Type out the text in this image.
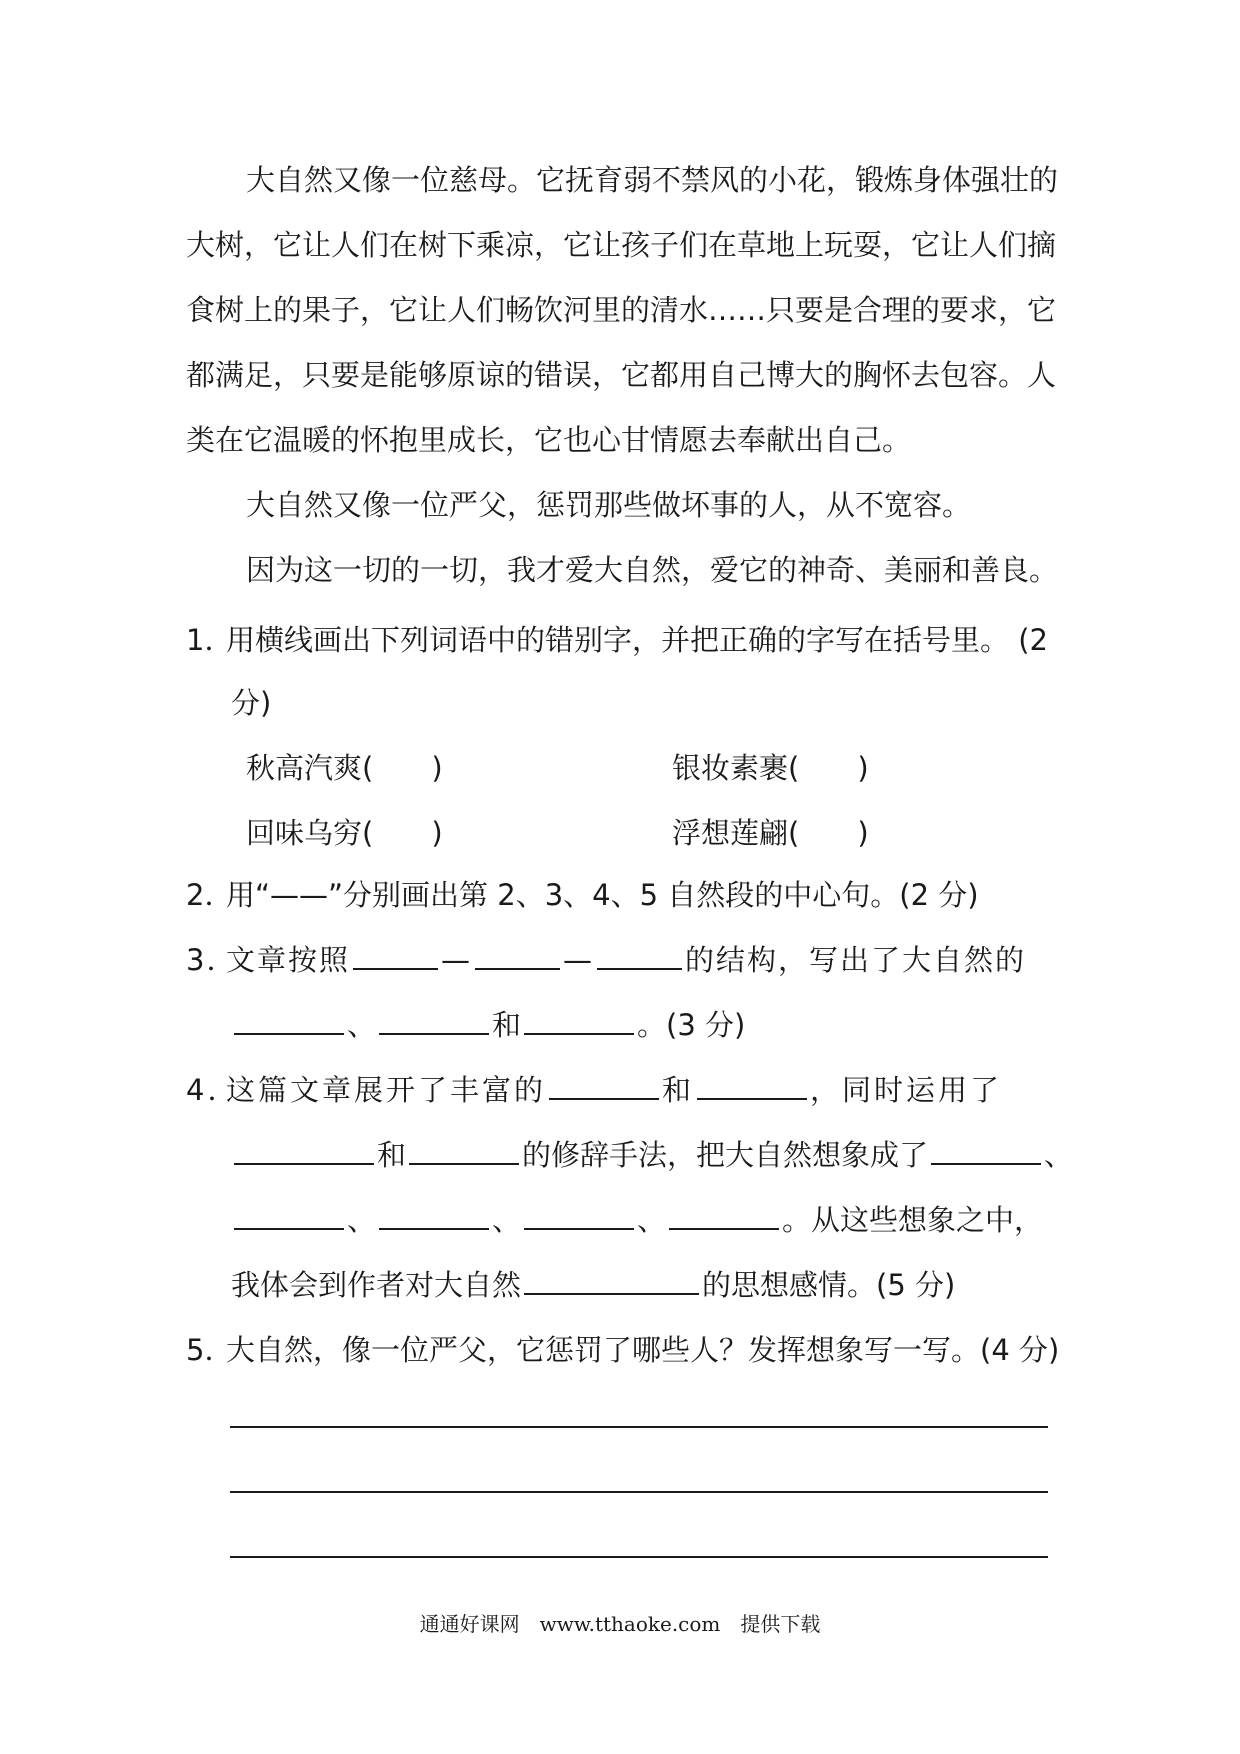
大自然又像一位慈母。它抚育弱不禁风的小花，锻炼身体强壮的
大树，它让人们在树下乘凉，它让孩子们在草地上玩耍，它让人们摘
食树上的果子，它让人们畅饮河里的清水……只要是合理的要求，它
都满足，只要是能够原谅的错误，它都用自己博大的胸怀去包容。人
类在它温暖的怀抱里成长，它也心甘情愿去奉献出自己。
大自然又像一位严父，惩罚那些做坏事的人，从不宽容。
因为这一切的一切，我才爱大自然，爱它的神奇、美丽和善良。
1．用横线画出下列词语中的错别字，并把正确的字写在括号里。 (2
分)
秋高汽爽(　　)	银妆素裹(　　)
回味乌穷(　　)	浮想莲翩(　　)
2．用“——”分别画出第 2、3、4、5 自然段的中心句。(2 分)
3．文章按照	—	—	的结构，写出了大自然的
、	和	。(3 分)
4．这篇文章展开了丰富的	和	，同时运用了
和	的修辞手法，把大自然想象成了	、
、	、	、	。从这些想象之中，
我体会到作者对大自然	的思想感情。(5 分)
5．大自然，像一位严父，它惩罚了哪些人？发挥想象写一写。(4 分)
通通好课网　www.tthaoke.com　提供下载
